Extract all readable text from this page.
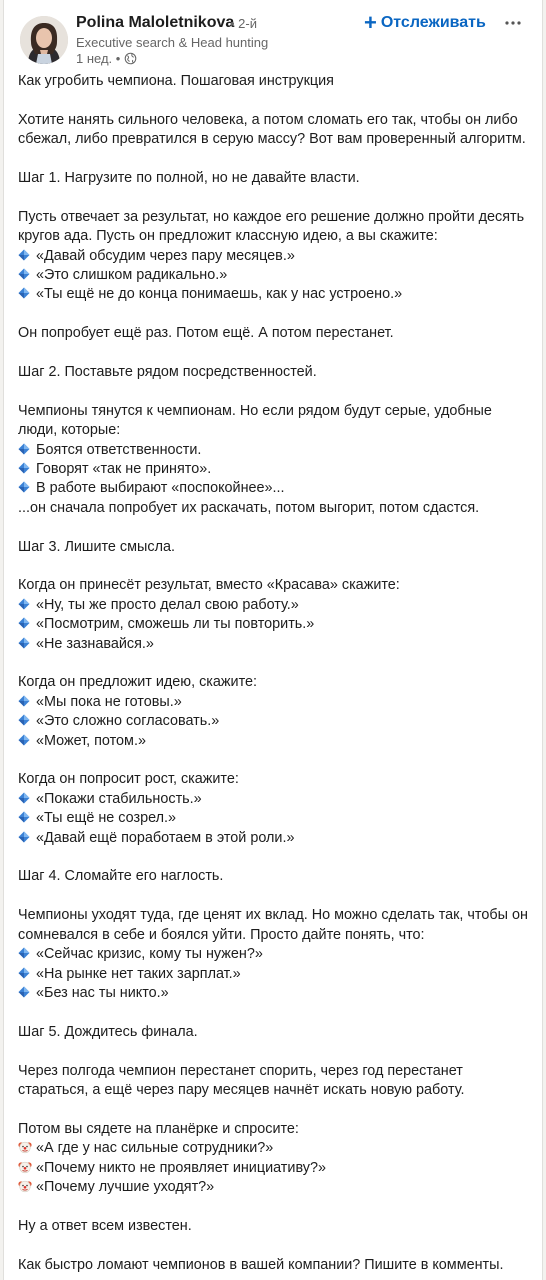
Polina Maloletnikova
• 2-й
Executive search & Head hunting
1 нед. •
+ Отслеживать
Как угробить чемпиона. Пошаговая инструкция
Хотите нанять сильного человека, а потом сломать его так, чтобы он либо
сбежал, либо превратился в серую массу? Вот вам проверенный алгоритм.
Шаг 1. Нагрузите по полной, но не давайте власти.
Пусть отвечает за результат, но каждое его решение должно пройти десять
кругов ада. Пусть он предложит классную идею, а вы скажите:
«Давай обсудим через пару месяцев.»
«Это слишком радикально.»
«Ты ещё не до конца понимаешь, как у нас устроено.»
Он попробует ещё раз. Потом ещё. А потом перестанет.
Шаг 2. Поставьте рядом посредственностей.
Чемпионы тянутся к чемпионам. Но если рядом будут серые, удобные
люди, которые:
Боятся ответственности.
Говорят «так не принято».
В работе выбирают «поспокойнее»...
...он сначала попробует их раскачать, потом выгорит, потом сдастся.
Шаг 3. Лишите смысла.
Когда он принесёт результат, вместо «Красава» скажите:
«Ну, ты же просто делал свою работу.»
«Посмотрим, сможешь ли ты повторить.»
«Не зазнавайся.»
Когда он предложит идею, скажите:
«Мы пока не готовы.»
«Это сложно согласовать.»
«Может, потом.»
Когда он попросит рост, скажите:
«Покажи стабильность.»
«Ты ещё не созрел.»
«Давай ещё поработаем в этой роли.»
Шаг 4. Сломайте его наглость.
Чемпионы уходят туда, где ценят их вклад. Но можно сделать так, чтобы он
сомневался в себе и боялся уйти. Просто дайте понять, что:
«Сейчас кризис, кому ты нужен?»
«На рынке нет таких зарплат.»
«Без нас ты никто.»
Шаг 5. Дождитесь финала.
Через полгода чемпион перестанет спорить, через год перестанет
стараться, а ещё через пару месяцев начнёт искать новую работу.
Потом вы сядете на планёрке и спросите:
«А где у нас сильные сотрудники?»
«Почему никто не проявляет инициативу?»
«Почему лучшие уходят?»
Ну а ответ всем известен.
Как быстро ломают чемпионов в вашей компании? Пишите в комменты.
